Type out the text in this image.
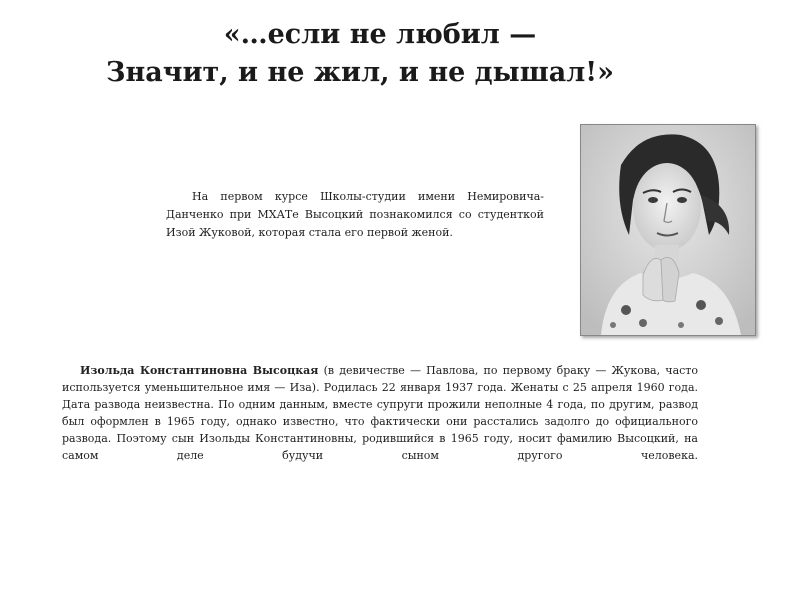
«…если не любил —
Значит, и не жил, и не дышал!»
На первом курсе Школы-студии имени Немировича-Данченко при МХАТе Высоцкий познакомился со студенткой Изой Жуковой, которая стала его первой женой.
Изольда Константиновна Высоцкая (в девичестве — Павлова, по первому браку — Жукова, часто используется уменьшительное имя — Иза). Родилась 22 января 1937 года. Женаты с 25 апреля 1960 года. Дата развода неизвестна. По одним данным, вместе супруги прожили неполные 4 года, по другим, развод был оформлен в 1965 году, однако известно, что фактически они расстались задолго до официального развода. Поэтому сын Изольды Константиновны, родившийся в 1965 году, носит фамилию Высоцкий, на самом деле будучи сыном другого человека.
